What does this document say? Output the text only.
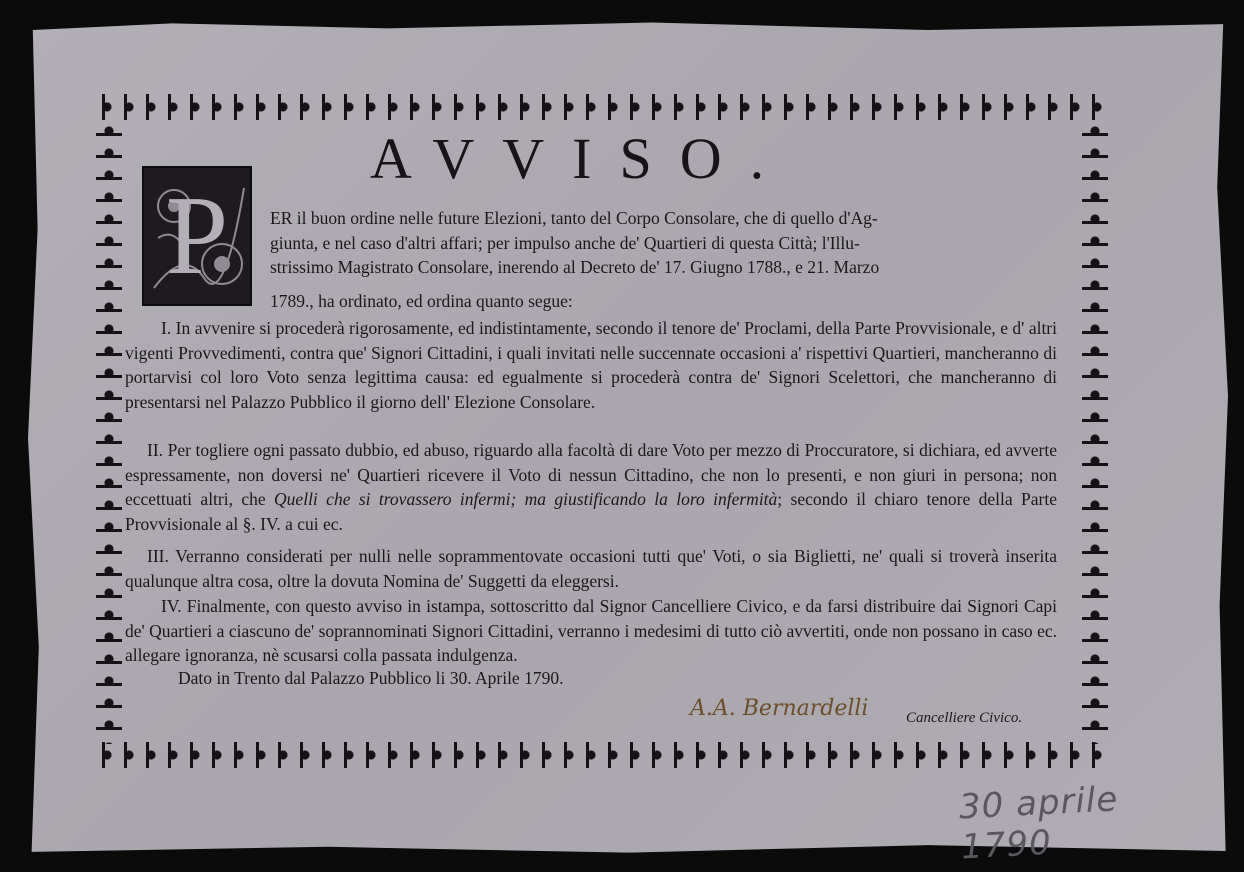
AVVISO.
P ER il buon ordine nelle future Elezioni, tanto del Corpo Consolare, che di quello d'Ag-
giunta, e nel caso d'altri affari; per impulso anche de' Quartieri di questa Città; l'Illu-
strissimo Magistrato Consolare, inerendo al Decreto de' 17. Giugno 1788., e 21. Marzo
1789., ha ordinato, ed ordina quanto segue:
I. In avvenire si procederà rigorosamente, ed indistintamente, secondo il tenore de' Proclami, della Parte Provvisionale, e d' altri vigenti Provvedimenti, contra que' Signori Cittadini, i quali invitati nelle succennate occasioni a' rispettivi Quartieri, mancheranno di portarvisi col loro Voto senza legittima causa: ed egualmente si procederà contra de' Signori Scelettori, che mancheranno di presentarsi nel Palazzo Pubblico il giorno dell' Elezione Consolare.
II. Per togliere ogni passato dubbio, ed abuso, riguardo alla facoltà di dare Voto per mezzo di Proccuratore, si dichiara, ed avverte espressamente, non doversi ne' Quartieri ricevere il Voto di nessun Cittadino, che non lo presenti, e non giuri in persona; non eccettuati altri, che Quelli che si trovassero infermi; ma giustificando la loro infermità; secondo il chiaro tenore della Parte Provvisionale al §. IV. a cui ec.
III. Verranno considerati per nulli nelle soprammentovate occasioni tutti que' Voti, o sia Biglietti, ne' quali si troverà inserita qualunque altra cosa, oltre la dovuta Nomina de' Suggetti da eleggersi.
IV. Finalmente, con questo avviso in istampa, sottoscritto dal Signor Cancelliere Civico, e da farsi distribuire dai Signori Capi de' Quartieri a ciascuno de' soprannominati Signori Cittadini, verranno i medesimi di tutto ciò avvertiti, onde non possano in caso ec. allegare ignoranza, nè scusarsi colla passata indulgenza.
Dato in Trento dal Palazzo Pubblico li 30. Aprile 1790.
A.A. Bernardelli	Cancelliere Civico.
30 aprile 1790
